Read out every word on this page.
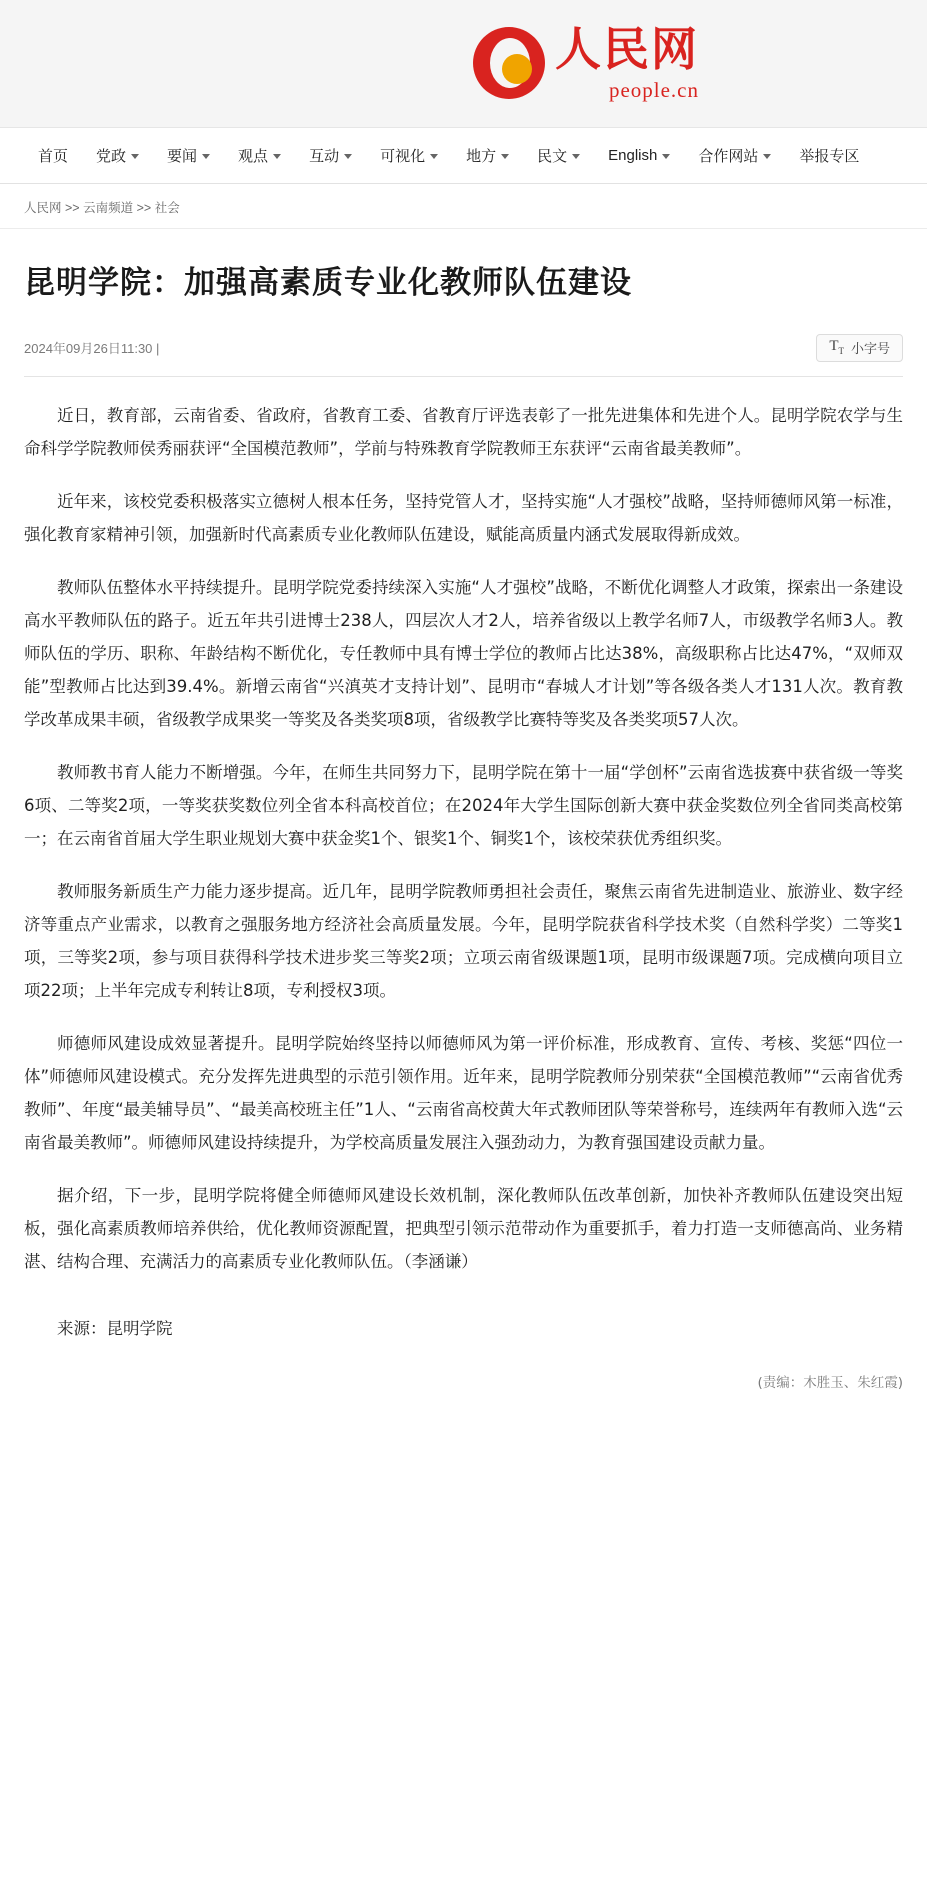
人民网
people.cn
首页 党政	要闻	观点	互动	可视化	地方	民文	English	合作网站	举报专区
人民网 >> 云南频道 >> 社会
昆明学院：加强高素质专业化教师队伍建设
2024年09月26日11:30 |	$T_T$ 小字号

近日，教育部，云南省委、省政府，省教育工委、省教育厅评选表彰了一批先进集体和先进个人。昆明学院农学与生命科学学院教师侯秀丽获评“全国模范教师”，学前与特殊教育学院教师王东获评“云南省最美教师”。

近年来，该校党委积极落实立德树人根本任务，坚持党管人才，坚持实施“人才强校”战略，坚持师德师风第一标准，强化教育家精神引领，加强新时代高素质专业化教师队伍建设，赋能高质量内涵式发展取得新成效。

教师队伍整体水平持续提升。昆明学院党委持续深入实施“人才强校”战略，不断优化调整人才政策，探索出一条建设高水平教师队伍的路子。近五年共引进博士238人，四层次人才2人，培养省级以上教学名师7人，市级教学名师3人。教师队伍的学历、职称、年龄结构不断优化，专任教师中具有博士学位的教师占比达38%，高级职称占比达47%，“双师双能”型教师占比达到39.4%。新增云南省“兴滇英才支持计划”、昆明市“春城人才计划”等各级各类人才131人次。教育教学改革成果丰硕，省级教学成果奖一等奖及各类奖项8项，省级教学比赛特等奖及各类奖项57人次。

教师教书育人能力不断增强。今年，在师生共同努力下，昆明学院在第十一届“学创杯”云南省选拔赛中获省级一等奖6项、二等奖2项，一等奖获奖数位列全省本科高校首位；在2024年大学生国际创新大赛中获金奖数位列全省同类高校第一；在云南省首届大学生职业规划大赛中获金奖1个、银奖1个、铜奖1个，该校荣获优秀组织奖。

教师服务新质生产力能力逐步提高。近几年，昆明学院教师勇担社会责任，聚焦云南省先进制造业、旅游业、数字经济等重点产业需求，以教育之强服务地方经济社会高质量发展。今年，昆明学院获省科学技术奖（自然科学奖）二等奖1项，三等奖2项，参与项目获得科学技术进步奖三等奖2项；立项云南省级课题1项，昆明市级课题7项。完成横向项目立项22项；上半年完成专利转让8项，专利授权3项。

师德师风建设成效显著提升。昆明学院始终坚持以师德师风为第一评价标准，形成教育、宣传、考核、奖惩“四位一体”师德师风建设模式。充分发挥先进典型的示范引领作用。近年来，昆明学院教师分别荣获“全国模范教师”“云南省优秀教师”、年度“最美辅导员”、“最美高校班主任”1人、“云南省高校黄大年式教师团队等荣誉称号，连续两年有教师入选“云南省最美教师”。师德师风建设持续提升，为学校高质量发展注入强劲动力，为教育强国建设贡献力量。

据介绍，下一步，昆明学院将健全师德师风建设长效机制，深化教师队伍改革创新，加快补齐教师队伍建设突出短板，强化高素质教师培养供给，优化教师资源配置，把典型引领示范带动作为重要抓手，着力打造一支师德高尚、业务精湛、结构合理、充满活力的高素质专业化教师队伍。（李涵谦）

来源：昆明学院
(责编：木胜玉、朱红霞)
